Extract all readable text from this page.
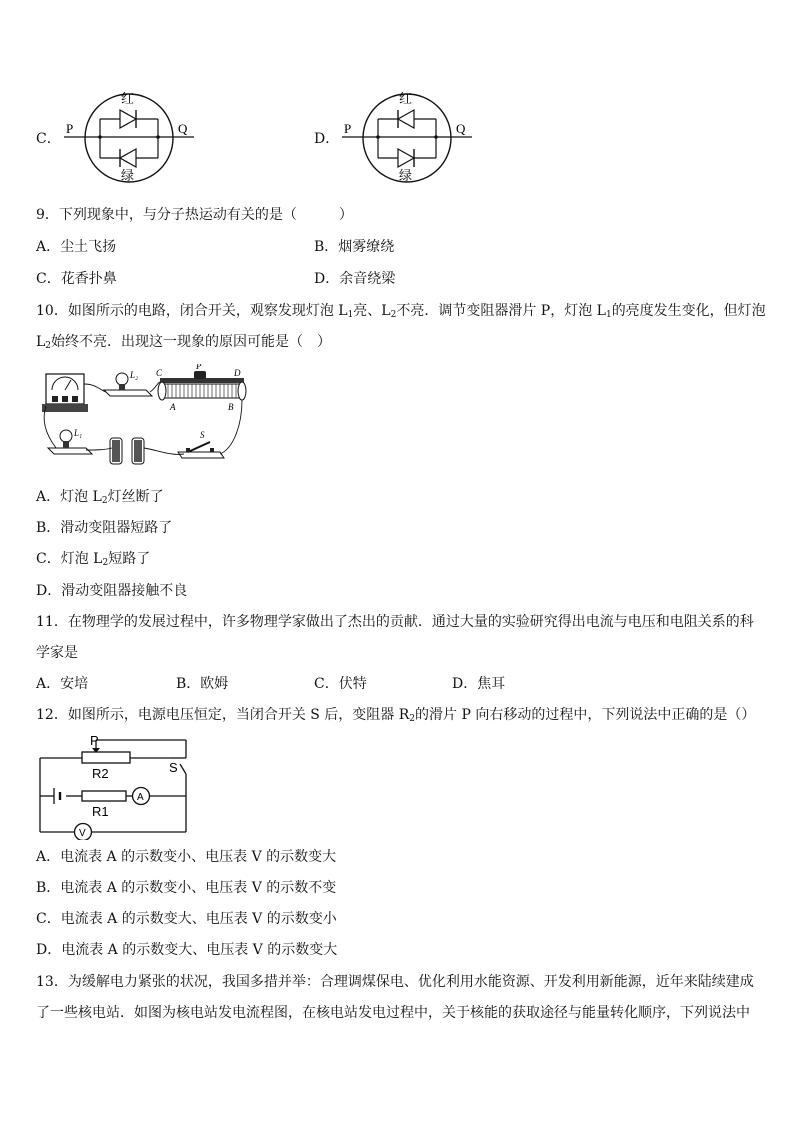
C．
P	Q
红
绿
D．
P	Q
红
绿
9．下列现象中，与分子热运动有关的是（　　　）
A．尘土飞扬	B．烟雾缭绕
C．花香扑鼻	D．余音绕梁
10．如图所示的电路，闭合开关，观察发现灯泡 $L_1$亮、$L_2$不亮．调节变阻器滑片 P，灯泡 $L_1$的亮度发生变化，但灯泡
$L_2$始终不亮．出现这一现象的原因可能是（　）
L₂ C
P
D
A	B
L₁	S
A．灯泡 $L_2$灯丝断了
B．滑动变阻器短路了
C．灯泡 $L_2$短路了
D．滑动变阻器接触不良
11．在物理学的发展过程中，许多物理学家做出了杰出的贡献．通过大量的实验研究得出电流与电压和电阻关系的科
学家是
A．安培	B．欧姆	C．伏特	D．焦耳
12．如图所示，电源电压恒定，当闭合开关 S 后，变阻器 $R_2$的滑片 P 向右移动的过程中，下列说法中正确的是（）
P
R2	S
R1
A
V
A．电流表 A 的示数变小、电压表 V 的示数变大
B．电流表 A 的示数变小、电压表 V 的示数不变
C．电流表 A 的示数变大、电压表 V 的示数变小
D．电流表 A 的示数变大、电压表 V 的示数变大
13．为缓解电力紧张的状况，我国多措并举：合理调煤保电、优化利用水能资源、开发利用新能源，近年来陆续建成
了一些核电站．如图为核电站发电流程图，在核电站发电过程中，关于核能的获取途径与能量转化顺序，下列说法中
